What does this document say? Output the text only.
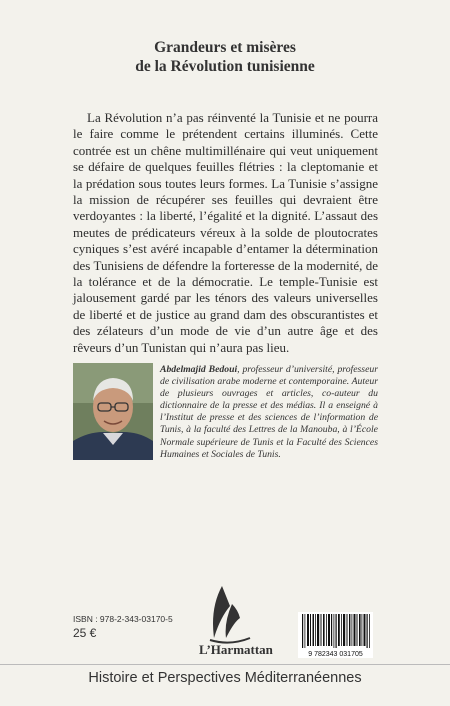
Grandeurs et misères
de la Révolution tunisienne
La Révolution n’a pas réinventé la Tunisie et ne pourra le faire comme le prétendent certains illuminés. Cette contrée est un chêne multimillénaire qui veut uniquement se défaire de quelques feuilles flétries : la cleptomanie et la prédation sous toutes leurs formes. La Tunisie s’assigne la mission de récupérer ses feuilles qui devraient être verdoyantes : la liberté, l’égalité et la dignité. L’assaut des meutes de prédicateurs véreux à la solde de ploutocrates cyniques s’est avéré incapable d’entamer la détermination des Tunisiens de défendre la forteresse de la modernité, de la tolérance et de la démocratie. Le temple-Tunisie est jalousement gardé par les ténors des valeurs universelles de liberté et de justice au grand dam des obscurantistes et des zélateurs d’un mode de vie d’un autre âge et des rêveurs d’un Tunistan qui n’aura pas lieu.
Abdelmajid Bedoui, professeur d’université, professeur de civilisation arabe moderne et contemporaine. Auteur de plusieurs ouvrages et articles, co-auteur du dictionnaire de la presse et des médias. Il a enseigné à l’Institut de presse et des sciences de l’information de Tunis, à la faculté des Lettres de la Manouba, à l’École Normale supérieure de Tunis et la Faculté des Sciences Humaines et Sociales de Tunis.
ISBN : 978-2-343-03170-5
25 €
L’Harmattan	9 782343 031705
Histoire et Perspectives Méditerranéennes
